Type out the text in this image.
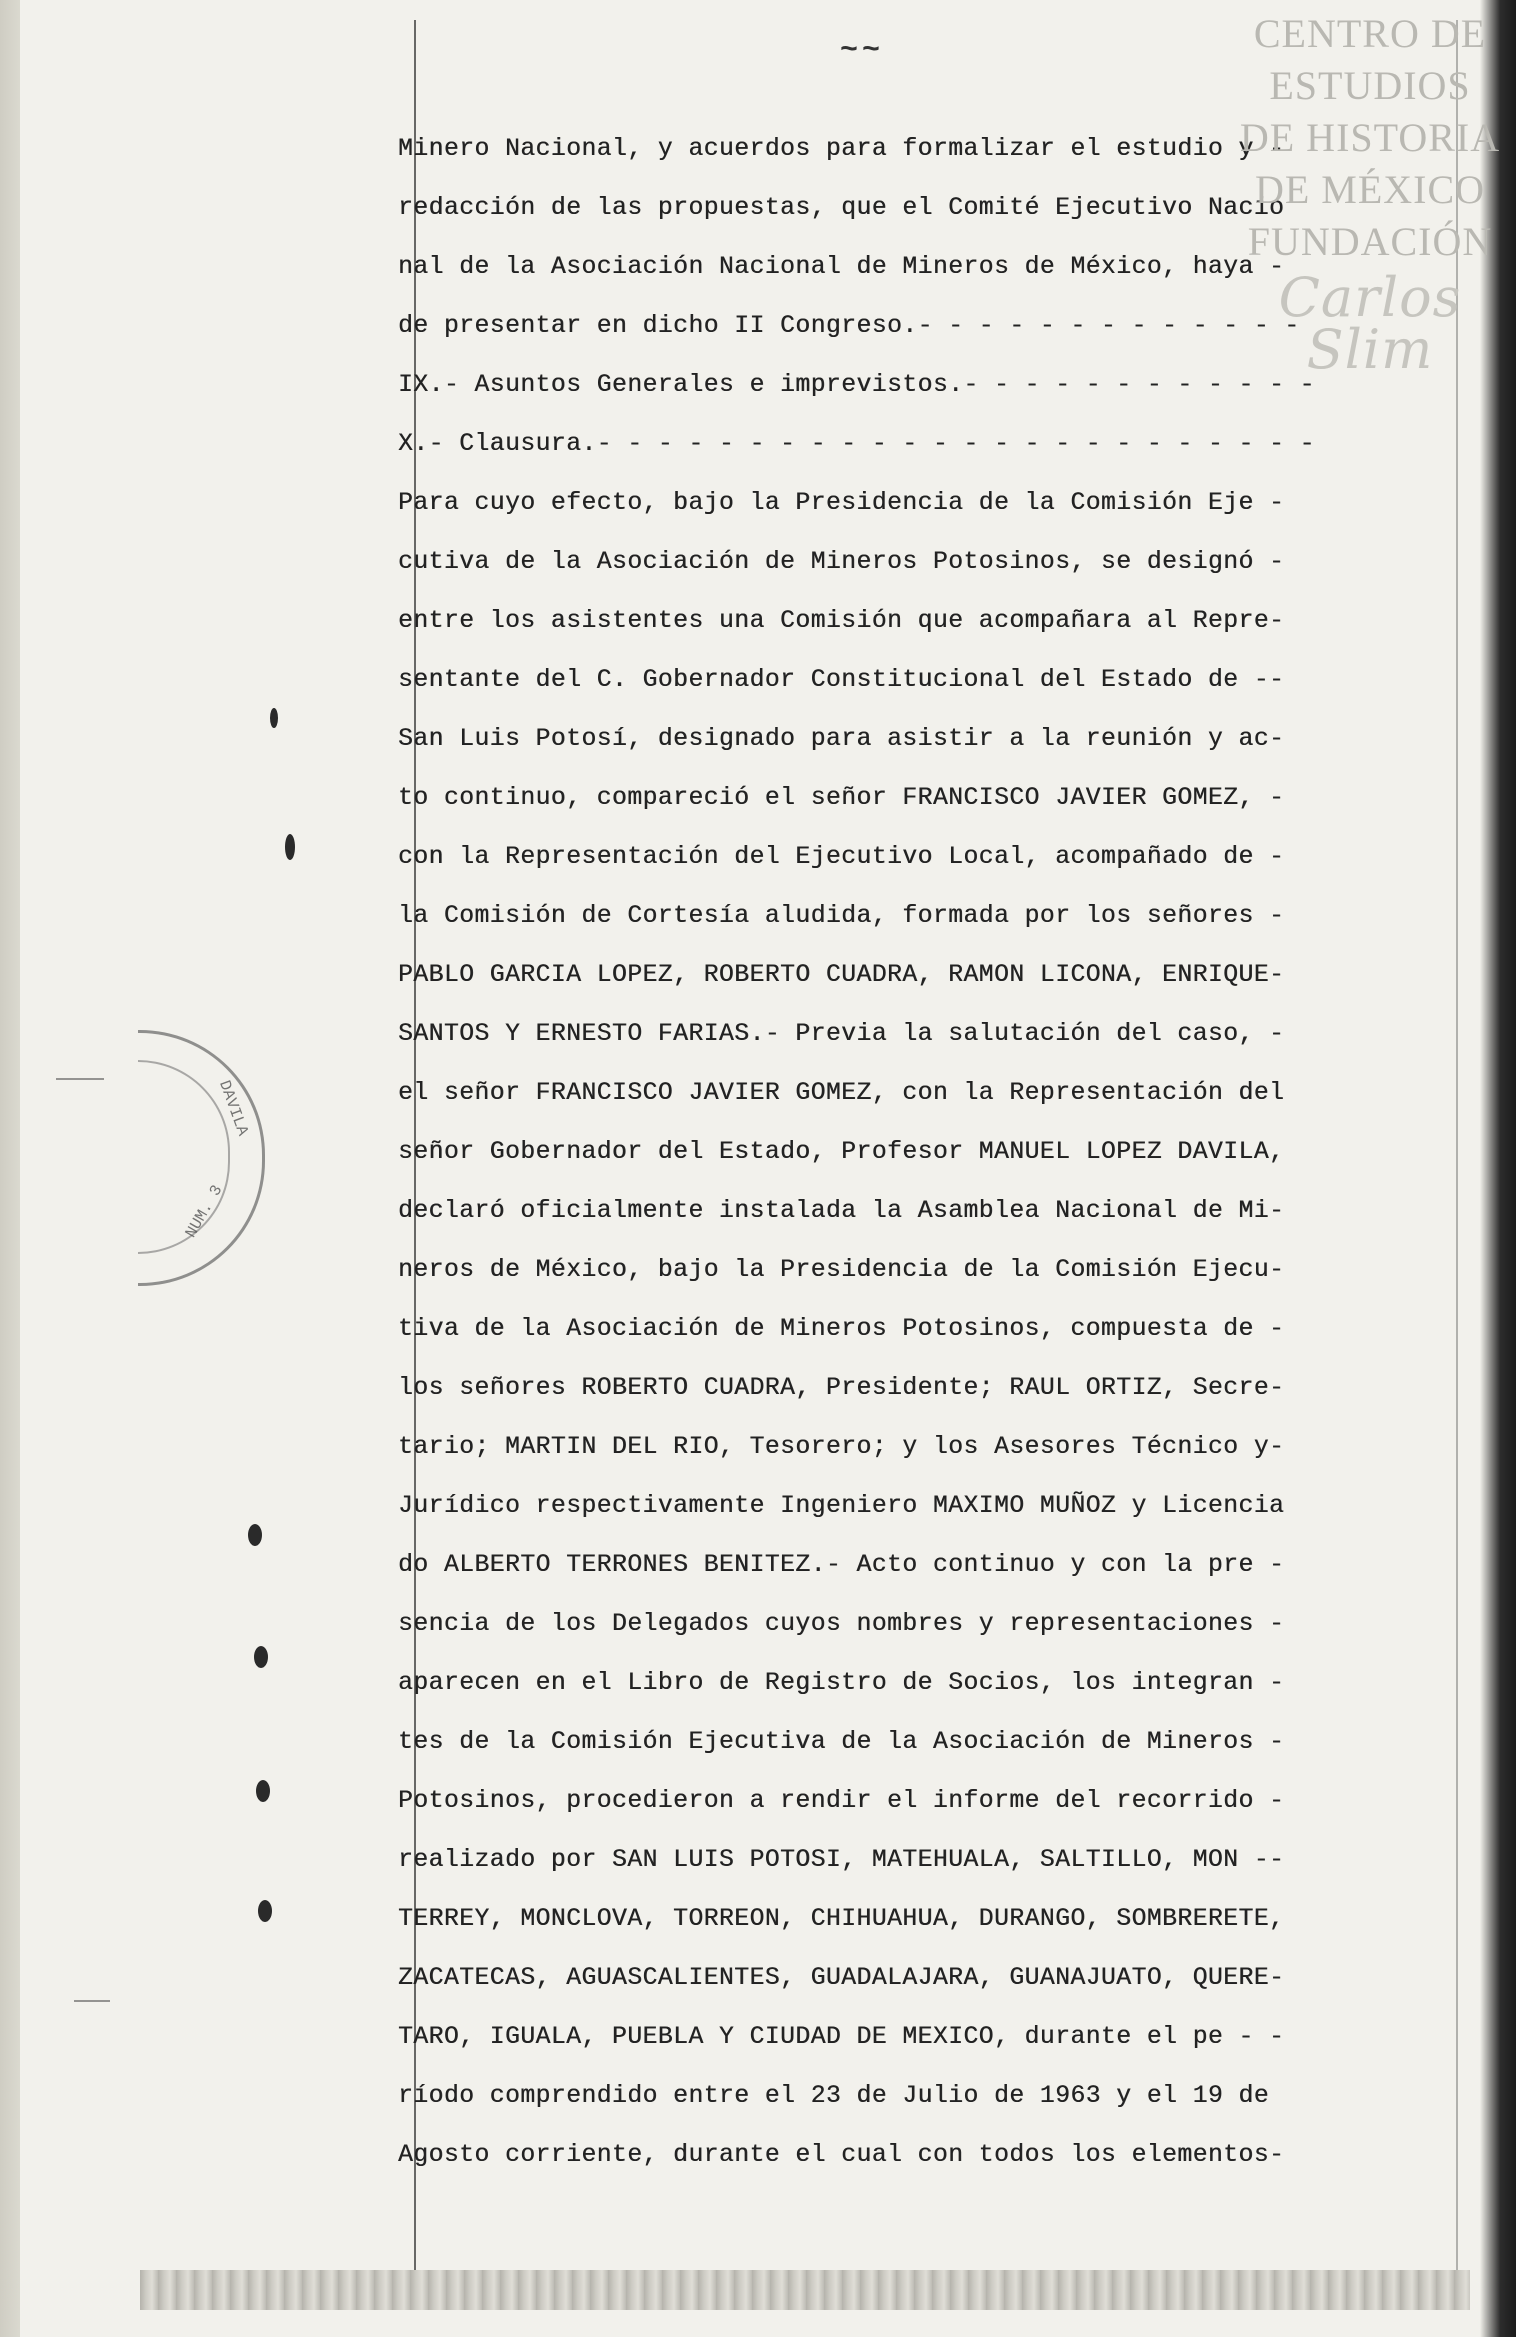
~~
DAVILA
NUM. 3
Minero Nacional, y acuerdos para formalizar el estudio y -
redacción de las propuestas, que el Comité Ejecutivo Nacio
nal de la Asociación Nacional de Mineros de México, haya -
de presentar en dicho II Congreso.- - - - - - - - - - - - -
IX.- Asuntos Generales e imprevistos.- - - - - - - - - - - -
X.- Clausura.- - - - - - - - - - - - - - - - - - - - - - - -
Para cuyo efecto, bajo la Presidencia de la Comisión Eje -
cutiva de la Asociación de Mineros Potosinos, se designó -
entre los asistentes una Comisión que acompañara al Repre-
sentante del C. Gobernador Constitucional del Estado de --
San Luis Potosí, designado para asistir a la reunión y ac-
to continuo, compareció el señor FRANCISCO JAVIER GOMEZ, -
con la Representación del Ejecutivo Local, acompañado de -
la Comisión de Cortesía aludida, formada por los señores -
PABLO GARCIA LOPEZ, ROBERTO CUADRA, RAMON LICONA, ENRIQUE-
SANTOS Y ERNESTO FARIAS.- Previa la salutación del caso, -
el señor FRANCISCO JAVIER GOMEZ, con la Representación del
señor Gobernador del Estado, Profesor MANUEL LOPEZ DAVILA,
declaró oficialmente instalada la Asamblea Nacional de Mi-
neros de México, bajo la Presidencia de la Comisión Ejecu-
tiva de la Asociación de Mineros Potosinos, compuesta de -
los señores ROBERTO CUADRA, Presidente; RAUL ORTIZ, Secre-
tario; MARTIN DEL RIO, Tesorero; y los Asesores Técnico y-
Jurídico respectivamente Ingeniero MAXIMO MUÑOZ y Licencia
do ALBERTO TERRONES BENITEZ.- Acto continuo y con la pre -
sencia de los Delegados cuyos nombres y representaciones -
aparecen en el Libro de Registro de Socios, los integran -
tes de la Comisión Ejecutiva de la Asociación de Mineros -
Potosinos, procedieron a rendir el informe del recorrido -
realizado por SAN LUIS POTOSI, MATEHUALA, SALTILLO, MON --
TERREY, MONCLOVA, TORREON, CHIHUAHUA, DURANGO, SOMBRERETE,
ZACATECAS, AGUASCALIENTES, GUADALAJARA, GUANAJUATO, QUERE-
TARO, IGUALA, PUEBLA Y CIUDAD DE MEXICO, durante el pe - -
ríodo comprendido entre el 23 de Julio de 1963 y el 19 de
Agosto corriente, durante el cual con todos los elementos-
CENTRO DE
ESTUDIOS
DE HISTORIA
DE MÉXICO
FUNDACIÓN
Carlos Slim
